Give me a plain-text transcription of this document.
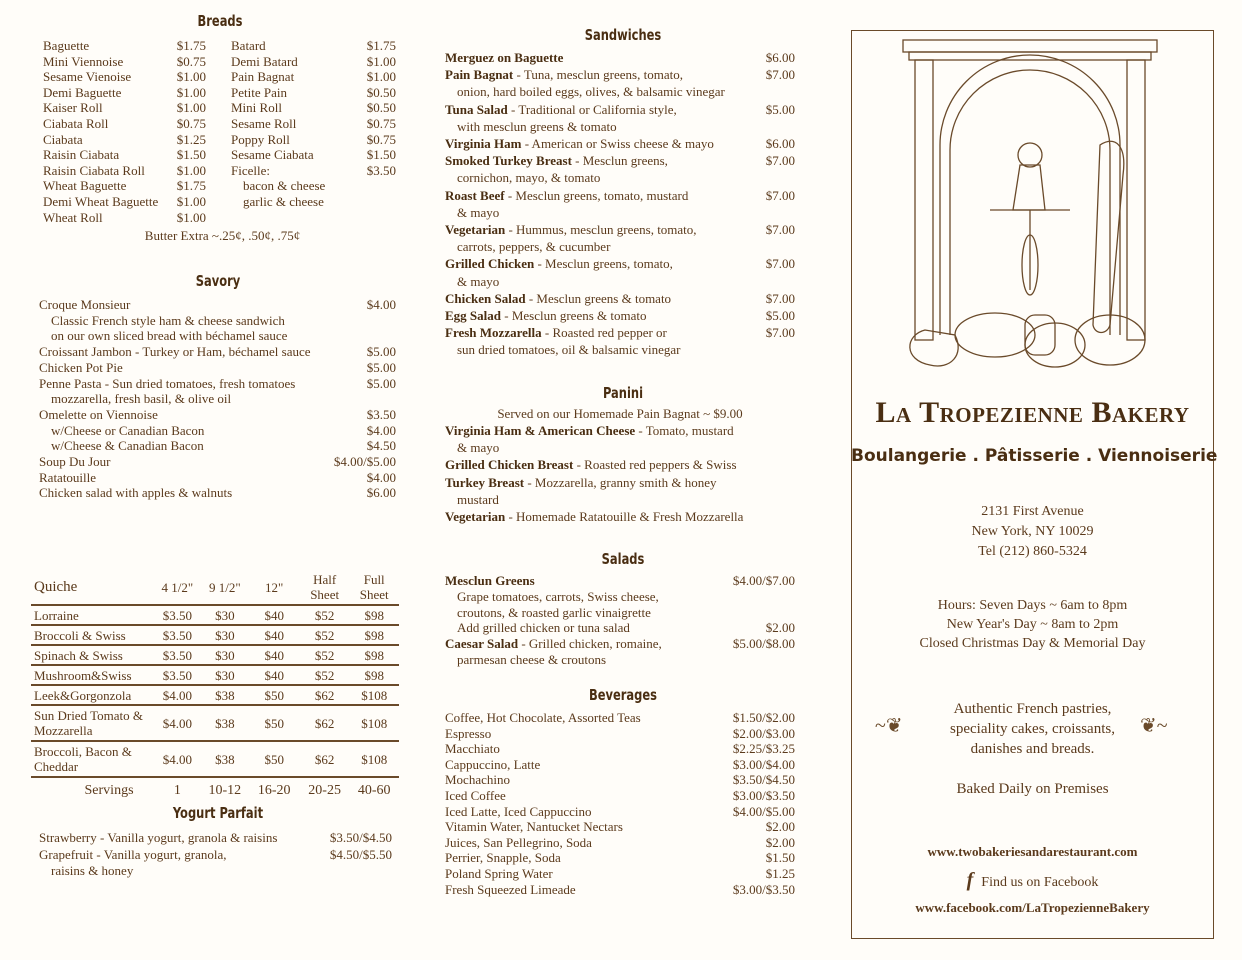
Breads
Baguette	$1.75
Mini Viennoise	$0.75
Sesame Vienoise	$1.00
Demi Baguette	$1.00
Kaiser Roll	$1.00
Ciabata Roll	$0.75
Ciabata	$1.25
Raisin Ciabata	$1.50
Raisin Ciabata Roll	$1.00
Wheat Baguette	$1.75
Demi Wheat Baguette	$1.00
Wheat Roll	$1.00
Batard	$1.75
Demi Batard	$1.00
Pain Bagnat	$1.00
Petite Pain	$0.50
Mini Roll	$0.50
Sesame Roll	$0.75
Poppy Roll	$0.75
Sesame Ciabata	$1.50
Ficelle:	$3.50
bacon & cheese
garlic & cheese
Butter Extra ~.25¢, .50¢, .75¢
Savory
Croque Monsieur	$4.00
Classic French style ham & cheese sandwich
on our own sliced bread with béchamel sauce
Croissant Jambon - Turkey or Ham, béchamel sauce	$5.00
Chicken Pot Pie	$5.00
Penne Pasta - Sun dried tomatoes, fresh tomatoes	$5.00
mozzarella, fresh basil, & olive oil
Omelette on Viennoise	$3.50
w/Cheese or Canadian Bacon	$4.00
w/Cheese & Canadian Bacon	$4.50
Soup Du Jour	$4.00/$5.00
Ratatouille	$4.00
Chicken salad with apples & walnuts	$6.00
Quiche	4 1/2"	9 1/2"	12"	Half Sheet	Full Sheet
Lorraine	$3.50	$30	$40	$52	$98
Broccoli & Swiss	$3.50	$30	$40	$52	$98
Spinach & Swiss	$3.50	$30	$40	$52	$98
Mushroom&Swiss	$3.50	$30	$40	$52	$98
Leek&Gorgonzola	$4.00	$38	$50	$62	$108
Sun Dried Tomato & Mozzarella	$4.00	$38	$50	$62	$108
Broccoli, Bacon & Cheddar	$4.00	$38	$50	$62	$108
Servings	1	10-12	16-20	20-25	40-60
Yogurt Parfait
Strawberry - Vanilla yogurt, granola & raisins	$3.50/$4.50
Grapefruit - Vanilla yogurt, granola,	$4.50/$5.50
raisins & honey
Sandwiches
Merguez on Baguette	$6.00
Pain Bagnat - Tuna, mesclun greens, tomato,	$7.00
onion, hard boiled eggs, olives, & balsamic vinegar
Tuna Salad - Traditional or California style,	$5.00
with mesclun greens & tomato
Virginia Ham - American or Swiss cheese & mayo	$6.00
Smoked Turkey Breast - Mesclun greens,	$7.00
cornichon, mayo, & tomato
Roast Beef - Mesclun greens, tomato, mustard	$7.00
& mayo
Vegetarian - Hummus, mesclun greens, tomato,	$7.00
carrots, peppers, & cucumber
Grilled Chicken - Mesclun greens, tomato,	$7.00
& mayo
Chicken Salad - Mesclun greens & tomato	$7.00
Egg Salad - Mesclun greens & tomato	$5.00
Fresh Mozzarella - Roasted red pepper or	$7.00
sun dried tomatoes, oil & balsamic vinegar
Panini
Served on our Homemade Pain Bagnat ~ $9.00
Virginia Ham & American Cheese - Tomato, mustard
& mayo
Grilled Chicken Breast - Roasted red peppers & Swiss
Turkey Breast - Mozzarella, granny smith & honey
mustard
Vegetarian - Homemade Ratatouille & Fresh Mozzarella
Salads
Mesclun Greens	$4.00/$7.00
Grape tomatoes, carrots, Swiss cheese,
croutons, & roasted garlic vinaigrette
Add grilled chicken or tuna salad	$2.00
Caesar Salad - Grilled chicken, romaine,	$5.00/$8.00
parmesan cheese & croutons
Beverages
Coffee, Hot Chocolate, Assorted Teas	$1.50/$2.00
Espresso	$2.00/$3.00
Macchiato	$2.25/$3.25
Cappuccino, Latte	$3.00/$4.00
Mochachino	$3.50/$4.50
Iced Coffee	$3.00/$3.50
Iced Latte, Iced Cappuccino	$4.00/$5.00
Vitamin Water, Nantucket Nectars	$2.00
Juices, San Pellegrino, Soda	$2.00
Perrier, Snapple, Soda	$1.50
Poland Spring Water	$1.25
Fresh Squeezed Limeade	$3.00/$3.50
La Tropezienne Bakery
Boulangerie . Pâtisserie . Viennoiserie
2131 First Avenue
New York, NY 10029
Tel (212) 860-5324
Hours: Seven Days ~ 6am to 8pm
New Year's Day ~ 8am to 2pm
Closed Christmas Day & Memorial Day
Authentic French pastries,
speciality cakes, croissants,
danishes and breads.
~❦	❦~
Baked Daily on Premises
www.twobakeriesandarestaurant.com
f Find us on Facebook
www.facebook.com/LaTropezienneBakery
